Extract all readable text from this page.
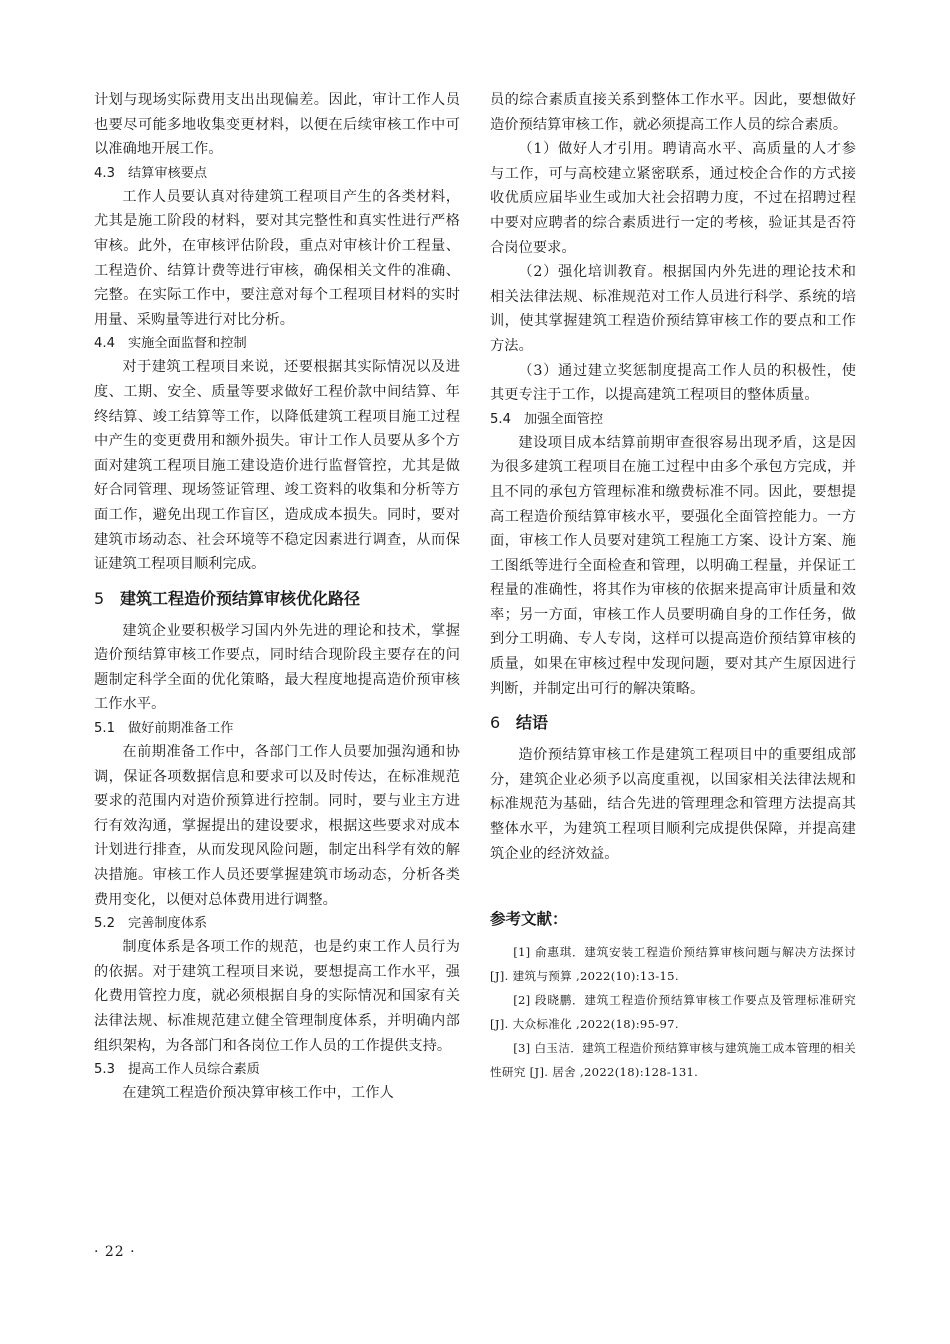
计划与现场实际费用支出出现偏差。因此，审计工作人员也要尽可能多地收集变更材料，以便在后续审核工作中可以准确地开展工作。

4.3 结算审核要点

工作人员要认真对待建筑工程项目产生的各类材料，尤其是施工阶段的材料，要对其完整性和真实性进行严格审核。此外，在审核评估阶段，重点对审核计价工程量、工程造价、结算计费等进行审核，确保相关文件的准确、完整。在实际工作中，要注意对每个工程项目材料的实时用量、采购量等进行对比分析。

4.4 实施全面监督和控制

对于建筑工程项目来说，还要根据其实际情况以及进度、工期、安全、质量等要求做好工程价款中间结算、年终结算、竣工结算等工作，以降低建筑工程项目施工过程中产生的变更费用和额外损失。审计工作人员要从多个方面对建筑工程项目施工建设造价进行监督管控，尤其是做好合同管理、现场签证管理、竣工资料的收集和分析等方面工作，避免出现工作盲区，造成成本损失。同时，要对建筑市场动态、社会环境等不稳定因素进行调查，从而保证建筑工程项目顺利完成。

5 建筑工程造价预结算审核优化路径

建筑企业要积极学习国内外先进的理论和技术，掌握造价预结算审核工作要点，同时结合现阶段主要存在的问题制定科学全面的优化策略，最大程度地提高造价预审核工作水平。

5.1 做好前期准备工作

在前期准备工作中，各部门工作人员要加强沟通和协调，保证各项数据信息和要求可以及时传达，在标准规范要求的范围内对造价预算进行控制。同时，要与业主方进行有效沟通，掌握提出的建设要求，根据这些要求对成本计划进行排查，从而发现风险问题，制定出科学有效的解决措施。审核工作人员还要掌握建筑市场动态，分析各类费用变化，以便对总体费用进行调整。

5.2 完善制度体系

制度体系是各项工作的规范，也是约束工作人员行为的依据。对于建筑工程项目来说，要想提高工作水平，强化费用管控力度，就必须根据自身的实际情况和国家有关法律法规、标准规范建立健全管理制度体系，并明确内部组织架构，为各部门和各岗位工作人员的工作提供支持。

5.3 提高工作人员综合素质

在建筑工程造价预决算审核工作中，工作人

员的综合素质直接关系到整体工作水平。因此，要想做好造价预结算审核工作，就必须提高工作人员的综合素质。

（1）做好人才引用。聘请高水平、高质量的人才参与工作，可与高校建立紧密联系，通过校企合作的方式接收优质应届毕业生或加大社会招聘力度，不过在招聘过程中要对应聘者的综合素质进行一定的考核，验证其是否符合岗位要求。

（2）强化培训教育。根据国内外先进的理论技术和相关法律法规、标准规范对工作人员进行科学、系统的培训，使其掌握建筑工程造价预结算审核工作的要点和工作方法。

（3）通过建立奖惩制度提高工作人员的积极性，使其更专注于工作，以提高建筑工程项目的整体质量。

5.4 加强全面管控

建设项目成本结算前期审查很容易出现矛盾，这是因为很多建筑工程项目在施工过程中由多个承包方完成，并且不同的承包方管理标准和缴费标准不同。因此，要想提高工程造价预结算审核水平，要强化全面管控能力。一方面，审核工作人员要对建筑工程施工方案、设计方案、施工图纸等进行全面检查和管理，以明确工程量，并保证工程量的准确性，将其作为审核的依据来提高审计质量和效率；另一方面，审核工作人员要明确自身的工作任务，做到分工明确、专人专岗，这样可以提高造价预结算审核的质量，如果在审核过程中发现问题，要对其产生原因进行判断，并制定出可行的解决策略。

6 结语

造价预结算审核工作是建筑工程项目中的重要组成部分，建筑企业必须予以高度重视，以国家相关法律法规和标准规范为基础，结合先进的管理理念和管理方法提高其整体水平，为建筑工程项目顺利完成提供保障，并提高建筑企业的经济效益。

参考文献：

[1] 俞惠琪．建筑安装工程造价预结算审核问题与解决方法探讨 [J]. 建筑与预算 ,2022(10):13-15.

[2] 段晓鹏．建筑工程造价预结算审核工作要点及管理标准研究 [J]. 大众标准化 ,2022(18):95-97.

[3] 白玉洁．建筑工程造价预结算审核与建筑施工成本管理的相关性研究 [J]. 居舍 ,2022(18):128-131.

· 22 ·
